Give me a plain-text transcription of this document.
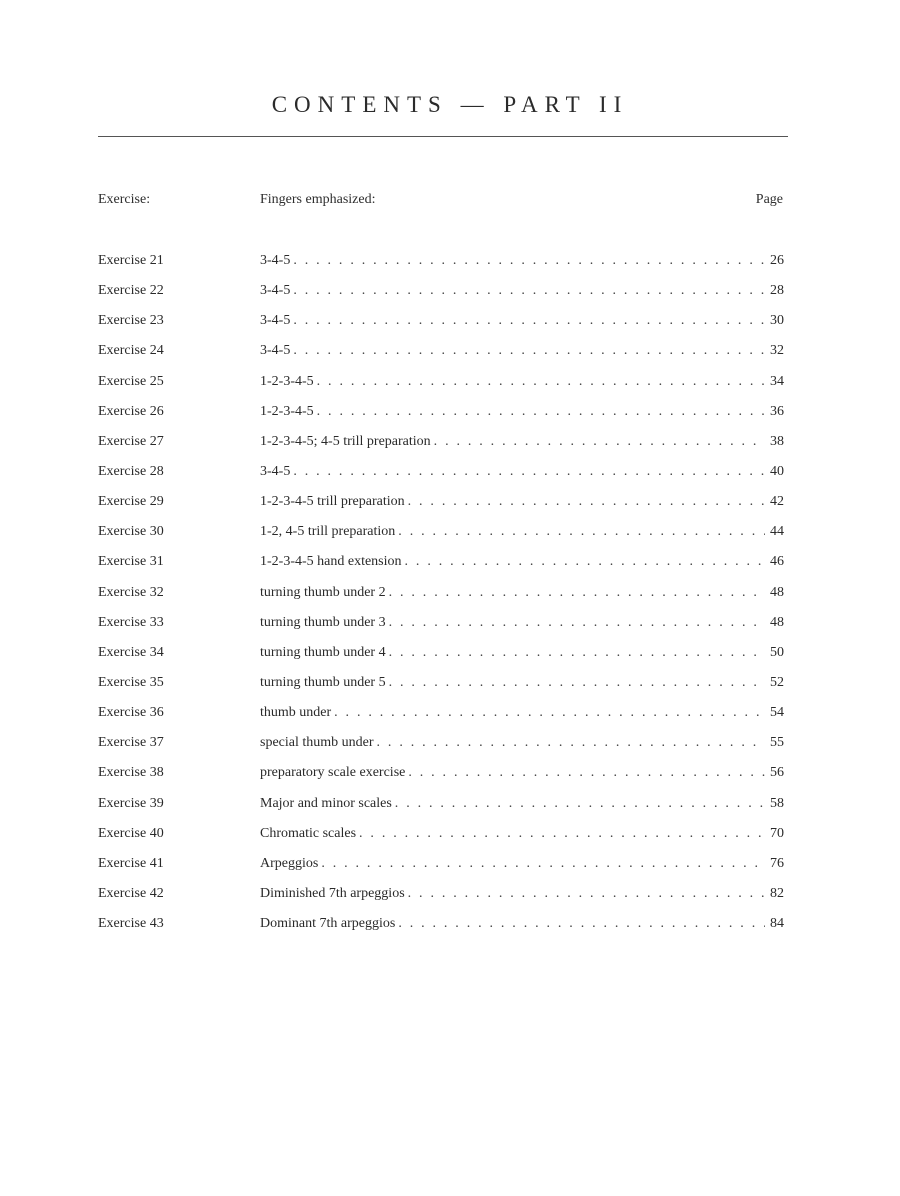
CONTENTS — PART II
Exercise:	Fingers emphasized:	Page
Exercise 21	3-4-5 . . .	26
Exercise 22	3-4-5 . . .	28
Exercise 23	3-4-5 . . .	30
Exercise 24	3-4-5 . . .	32
Exercise 25	1-2-3-4-5 . . .	34
Exercise 26	1-2-3-4-5 . . .	36
Exercise 27	1-2-3-4-5; 4-5 trill preparation . . .	38
Exercise 28	3-4-5 . . .	40
Exercise 29	1-2-3-4-5 trill preparation . . .	42
Exercise 30	1-2, 4-5 trill preparation . . .	44
Exercise 31	1-2-3-4-5 hand extension . . .	46
Exercise 32	turning thumb under 2 . . .	48
Exercise 33	turning thumb under 3 . . .	48
Exercise 34	turning thumb under 4 . . .	50
Exercise 35	turning thumb under 5 . . .	52
Exercise 36	thumb under . . .	54
Exercise 37	special thumb under . . .	55
Exercise 38	preparatory scale exercise . . .	56
Exercise 39	Major and minor scales . . .	58
Exercise 40	Chromatic scales . . .	70
Exercise 41	Arpeggios . . .	76
Exercise 42	Diminished 7th arpeggios . . .	82
Exercise 43	Dominant 7th arpeggios . . .	84
